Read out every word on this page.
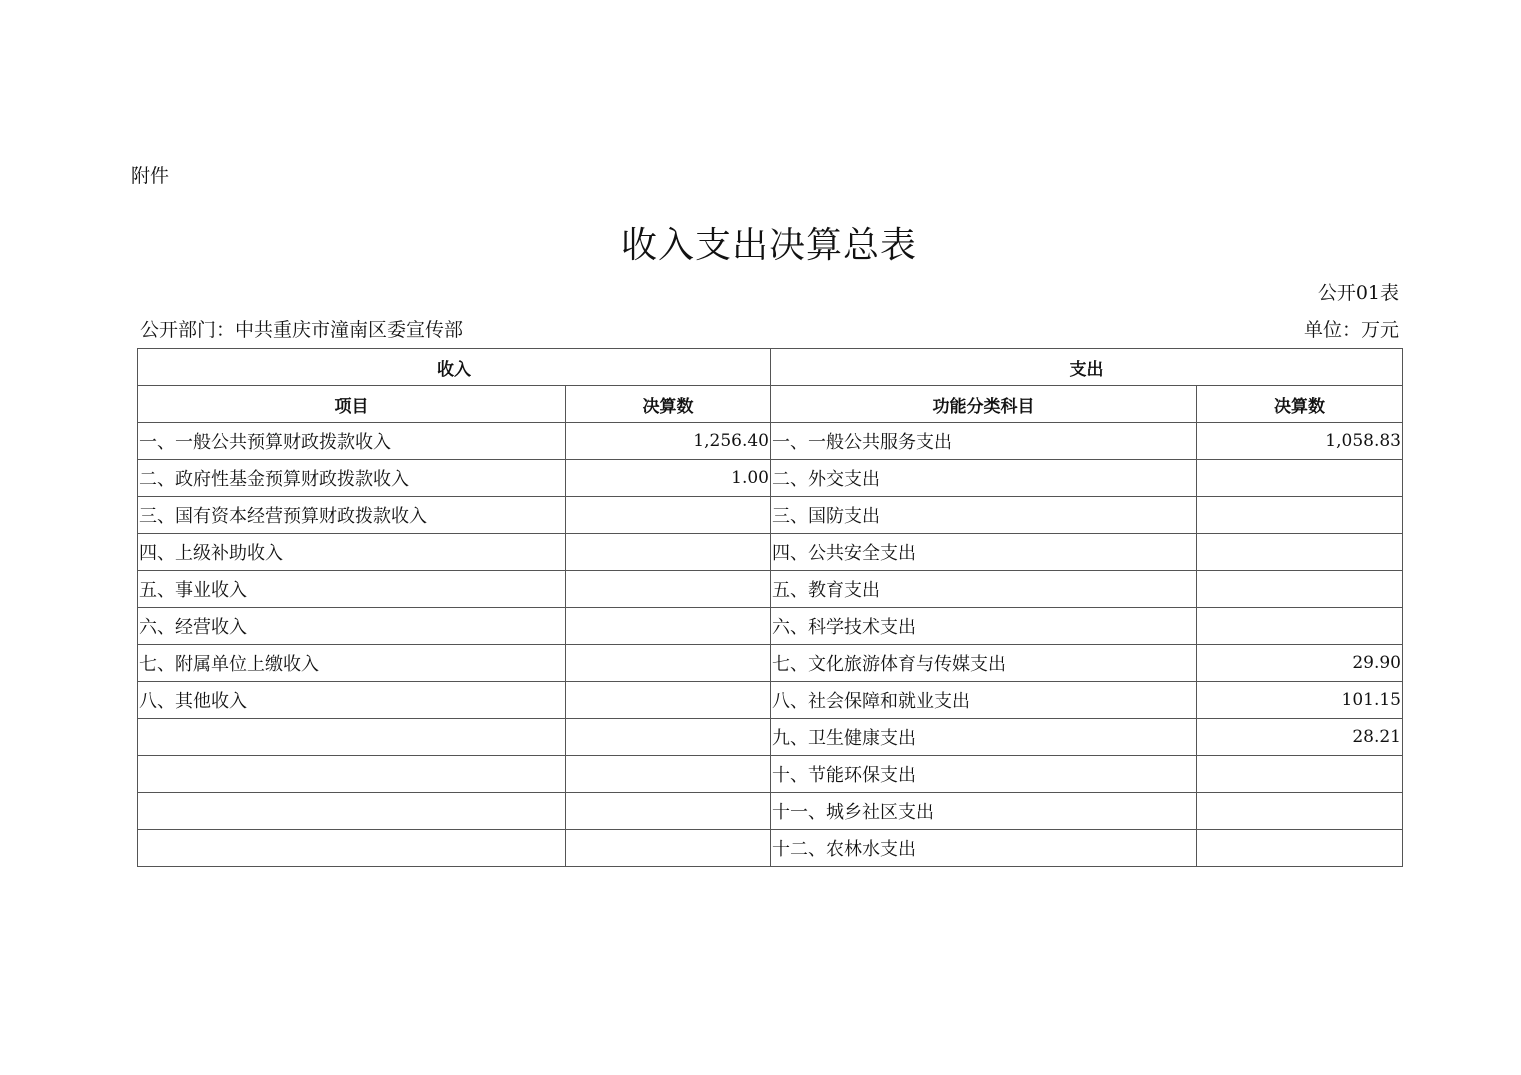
附件
收入支出决算总表
公开01表
公开部门：中共重庆市潼南区委宣传部	单位：万元
收入		支出	
项目	决算数	功能分类科目	决算数
一、一般公共预算财政拨款收入	1,256.40	一、一般公共服务支出	1,058.83
二、政府性基金预算财政拨款收入	1.00	二、外交支出	
三、国有资本经营预算财政拨款收入		三、国防支出	
四、上级补助收入		四、公共安全支出	
五、事业收入		五、教育支出	
六、经营收入		六、科学技术支出	
七、附属单位上缴收入		七、文化旅游体育与传媒支出	29.90
八、其他收入		八、社会保障和就业支出	101.15
		九、卫生健康支出	28.21
		十、节能环保支出	
		十一、城乡社区支出	
		十二、农林水支出	
